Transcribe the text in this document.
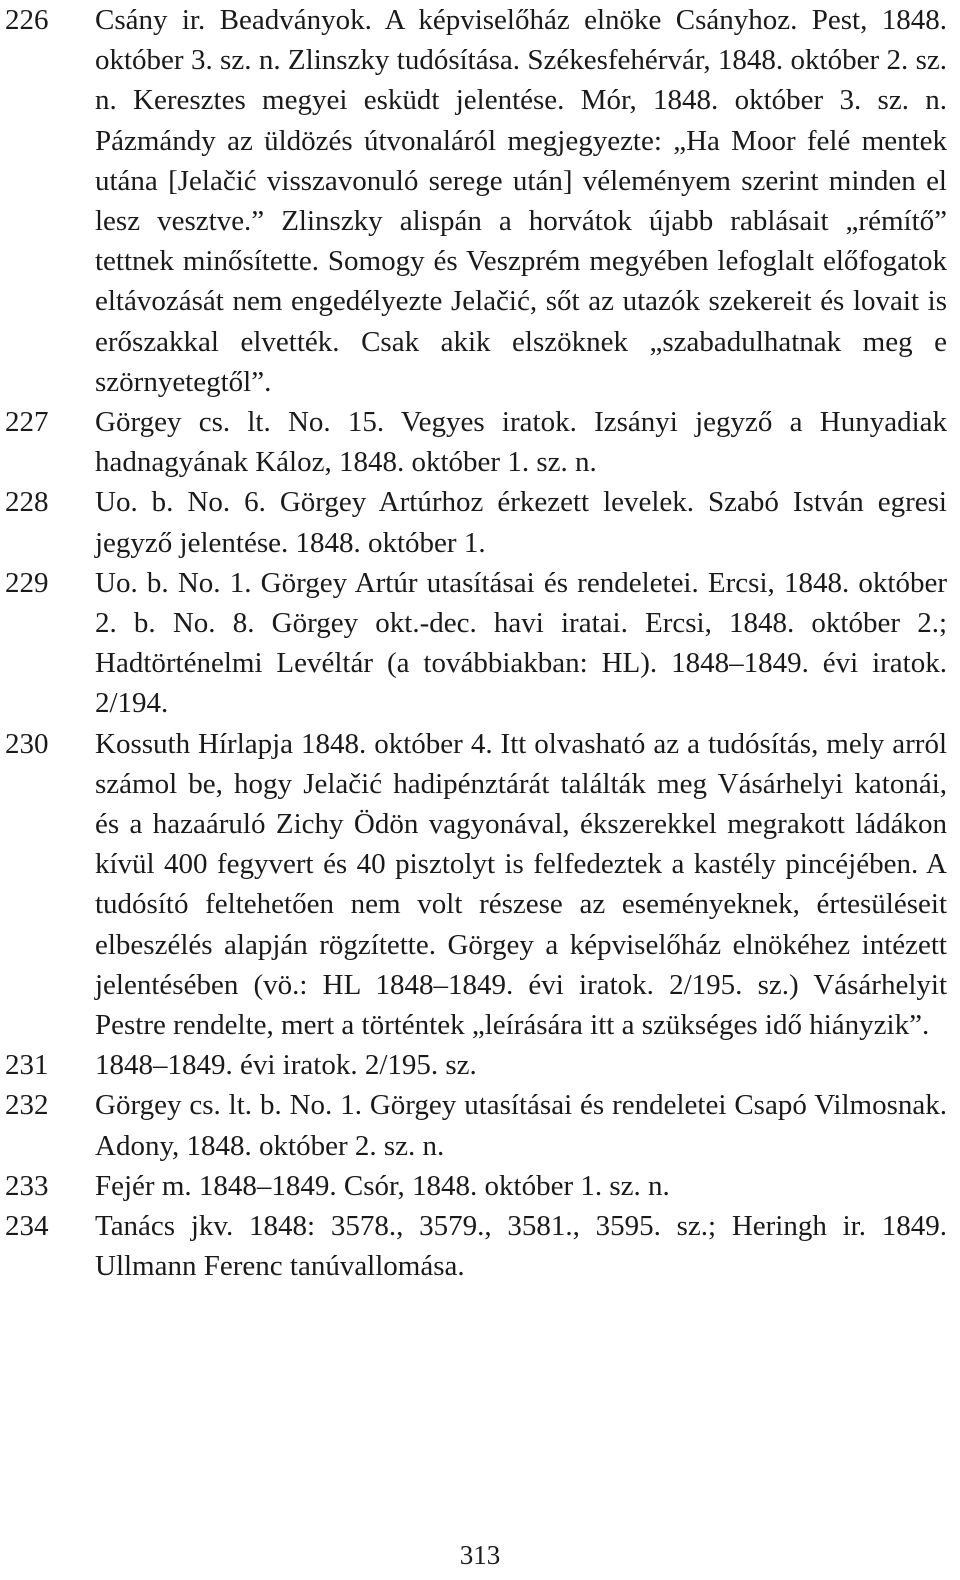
226	Csány ir. Beadványok. A képviselőház elnöke Csányhoz. Pest, 1848. október 3. sz. n. Zlinszky tudósítása. Székesfehérvár, 1848. október 2. sz. n. Keresztes megyei esküdt jelentése. Mór, 1848. október 3. sz. n. Pázmándy az üldözés útvonaláról megjegyezte: „Ha Moor felé mentek utána [Jelačić visszavonuló serege után] véleményem szerint minden el lesz vesztve.” Zlinszky alispán a horvátok újabb rablásait „rémítő” tettnek minősítette. Somogy és Veszprém megyében lefoglalt előfogatok eltávozását nem engedélyezte Jelačić, sőt az utazók szekereit és lovait is erőszakkal elvették. Csak akik elszöknek „szabadulhatnak meg e szörnyetegtől”.
227	Görgey cs. lt. No. 15. Vegyes iratok. Izsányi jegyző a Hunyadiak hadnagyának Káloz, 1848. október 1. sz. n.
228	Uo. b. No. 6. Görgey Artúrhoz érkezett levelek. Szabó István egresi jegyző jelentése. 1848. október 1.
229	Uo. b. No. 1. Görgey Artúr utasításai és rendeletei. Ercsi, 1848. október 2. b. No. 8. Görgey okt.-dec. havi iratai. Ercsi, 1848. október 2.; Hadtörténelmi Levéltár (a továbbiakban: HL). 1848–1849. évi iratok. 2/194.
230	Kossuth Hírlapja 1848. október 4. Itt olvasható az a tudósítás, mely arról számol be, hogy Jelačić hadipénztárát találták meg Vásárhelyi katonái, és a hazaáruló Zichy Ödön vagyonával, ékszerekkel megrakott ládákon kívül 400 fegyvert és 40 pisztolyt is felfedeztek a kastély pincéjében. A tudósító feltehetően nem volt részese az eseményeknek, értesüléseit elbeszélés alapján rögzítette. Görgey a képviselőház elnökéhez intézett jelentésében (vö.: HL 1848–1849. évi iratok. 2/195. sz.) Vásárhelyit Pestre rendelte, mert a történtek „leírására itt a szükséges idő hiányzik”.
231	1848–1849. évi iratok. 2/195. sz.
232	Görgey cs. lt. b. No. 1. Görgey utasításai és rendeletei Csapó Vilmosnak. Adony, 1848. október 2. sz. n.
233	Fejér m. 1848–1849. Csór, 1848. október 1. sz. n.
234	Tanács jkv. 1848: 3578., 3579., 3581., 3595. sz.; Heringh ir. 1849. Ullmann Ferenc tanúvallomása.
313
